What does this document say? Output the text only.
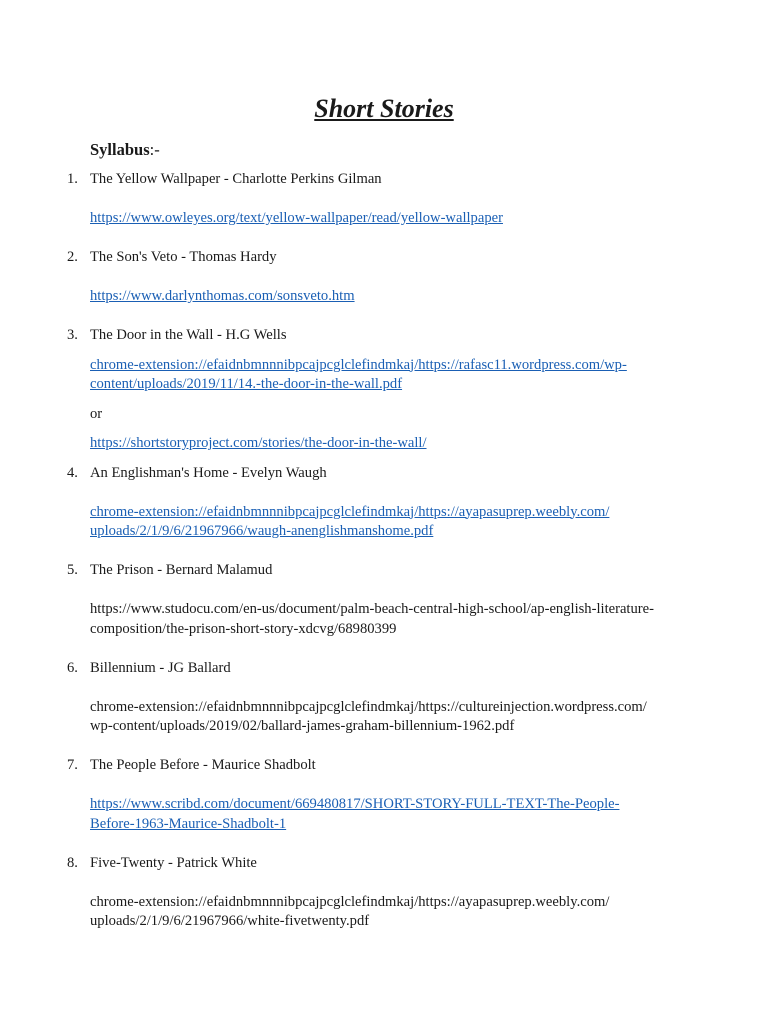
Short Stories

Syllabus:-

1. The Yellow Wallpaper - Charlotte Perkins Gilman
https://www.owleyes.org/text/yellow-wallpaper/read/yellow-wallpaper
2. The Son's Veto - Thomas Hardy
https://www.darlynthomas.com/sonsveto.htm
3. The Door in the Wall - H.G Wells
chrome-extension://efaidnbmnnnibpcajpcglclefindmkaj/https://rafasc11.wordpress.com/wp-
content/uploads/2019/11/14.-the-door-in-the-wall.pdf
or
https://shortstoryproject.com/stories/the-door-in-the-wall/
4. An Englishman's Home - Evelyn Waugh
chrome-extension://efaidnbmnnnibpcajpcglclefindmkaj/https://ayapasuprep.weebly.com/
uploads/2/1/9/6/21967966/waugh-anenglishmanshome.pdf
5. The Prison - Bernard Malamud
https://www.studocu.com/en-us/document/palm-beach-central-high-school/ap-english-literature-
composition/the-prison-short-story-xdcvg/68980399
6. Billennium - JG Ballard
chrome-extension://efaidnbmnnnibpcajpcglclefindmkaj/https://cultureinjection.wordpress.com/
wp-content/uploads/2019/02/ballard-james-graham-billennium-1962.pdf
7. The People Before - Maurice Shadbolt
https://www.scribd.com/document/669480817/SHORT-STORY-FULL-TEXT-The-People-
Before-1963-Maurice-Shadbolt-1
8. Five-Twenty - Patrick White
chrome-extension://efaidnbmnnnibpcajpcglclefindmkaj/https://ayapasuprep.weebly.com/
uploads/2/1/9/6/21967966/white-fivetwenty.pdf
